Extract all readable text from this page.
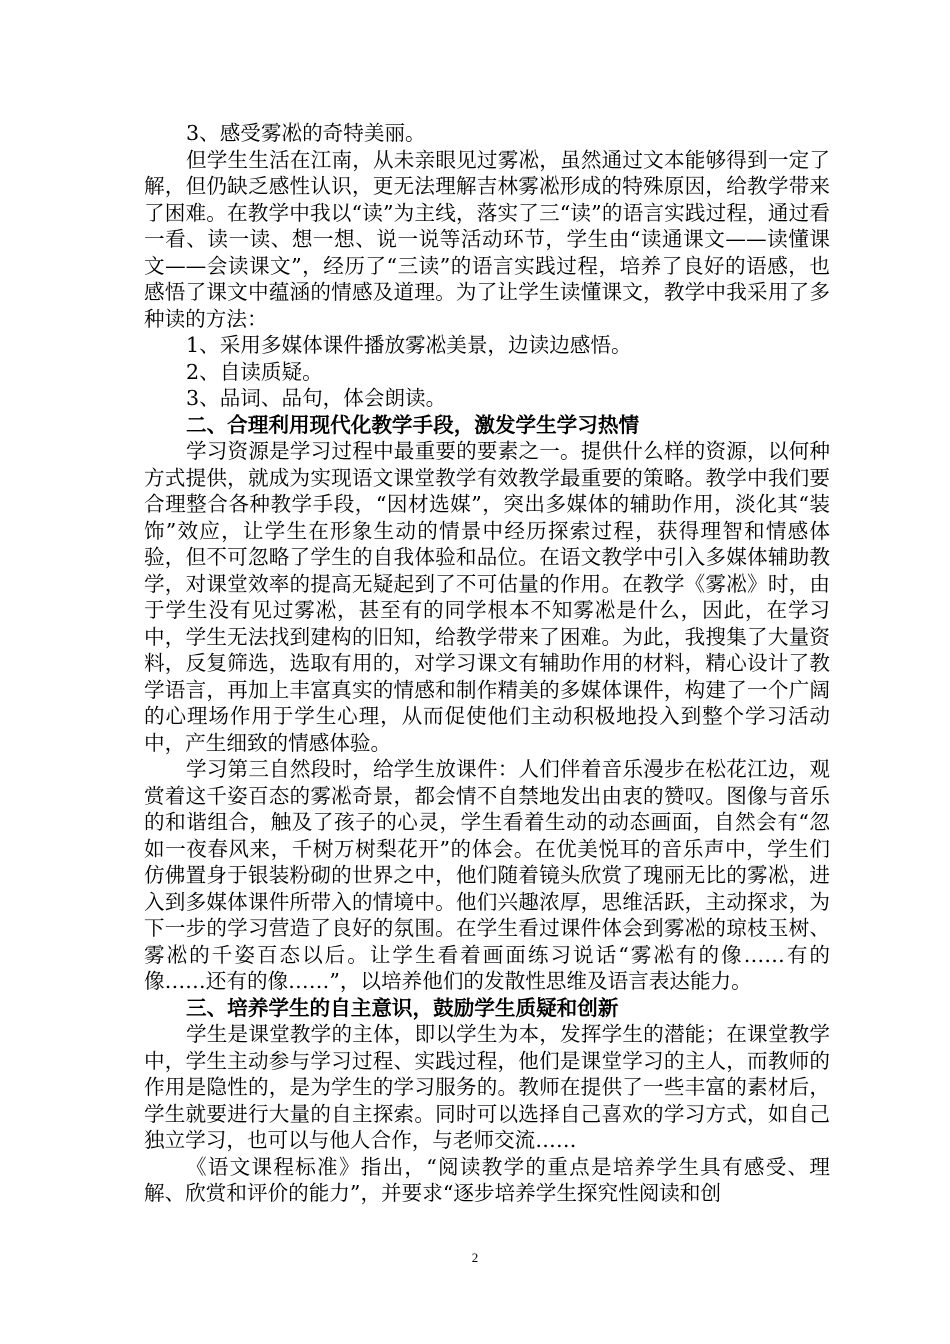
3、感受雾凇的奇特美丽。

但学生生活在江南，从未亲眼见过雾凇，虽然通过文本能够得到一定了解，但仍缺乏感性认识，更无法理解吉林雾凇形成的特殊原因，给教学带来了困难。在教学中我以“读”为主线，落实了三“读”的语言实践过程，通过看一看、读一读、想一想、说一说等活动环节，学生由“读通课文——读懂课文——会读课文”，经历了“三读”的语言实践过程，培养了良好的语感，也感悟了课文中蕴涵的情感及道理。为了让学生读懂课文，教学中我采用了多种读的方法：

1、采用多媒体课件播放雾凇美景，边读边感悟。

2、自读质疑。

3、品词、品句，体会朗读。

二、合理利用现代化教学手段，激发学生学习热情

学习资源是学习过程中最重要的要素之一。提供什么样的资源，以何种方式提供，就成为实现语文课堂教学有效教学最重要的策略。教学中我们要合理整合各种教学手段，“因材选媒”，突出多媒体的辅助作用，淡化其“装饰”效应，让学生在形象生动的情景中经历探索过程，获得理智和情感体验，但不可忽略了学生的自我体验和品位。在语文教学中引入多媒体辅助教学，对课堂效率的提高无疑起到了不可估量的作用。在教学《雾凇》时，由于学生没有见过雾凇，甚至有的同学根本不知雾凇是什么，因此，在学习中，学生无法找到建构的旧知，给教学带来了困难。为此，我搜集了大量资料，反复筛选，选取有用的，对学习课文有辅助作用的材料，精心设计了教学语言，再加上丰富真实的情感和制作精美的多媒体课件，构建了一个广阔的心理场作用于学生心理，从而促使他们主动积极地投入到整个学习活动中，产生细致的情感体验。

学习第三自然段时，给学生放课件：人们伴着音乐漫步在松花江边，观赏着这千姿百态的雾凇奇景，都会情不自禁地发出由衷的赞叹。图像与音乐的和谐组合，触及了孩子的心灵，学生看着生动的动态画面，自然会有“忽如一夜春风来，千树万树梨花开”的体会。在优美悦耳的音乐声中，学生们仿佛置身于银装粉砌的世界之中，他们随着镜头欣赏了瑰丽无比的雾凇，进入到多媒体课件所带入的情境中。他们兴趣浓厚，思维活跃，主动探求，为下一步的学习营造了良好的氛围。在学生看过课件体会到雾凇的琼枝玉树、雾凇的千姿百态以后。让学生看着画面练习说话“雾凇有的像……有的像……还有的像……”，以培养他们的发散性思维及语言表达能力。

三、培养学生的自主意识，鼓励学生质疑和创新

学生是课堂教学的主体，即以学生为本，发挥学生的潜能；在课堂教学中，学生主动参与学习过程、实践过程，他们是课堂学习的主人，而教师的作用是隐性的，是为学生的学习服务的。教师在提供了一些丰富的素材后，学生就要进行大量的自主探索。同时可以选择自己喜欢的学习方式，如自己独立学习，也可以与他人合作，与老师交流……

《语文课程标准》指出，“阅读教学的重点是培养学生具有感受、理解、欣赏和评价的能力”，并要求“逐步培养学生探究性阅读和创

2
